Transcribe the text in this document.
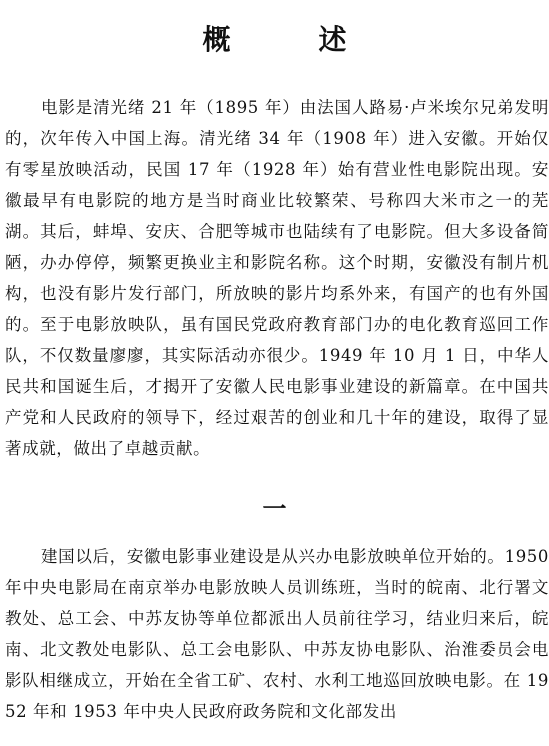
概　述

电影是清光绪 21 年（1895 年）由法国人路易·卢米埃尔兄弟发明的，次年传入中国上海。清光绪 34 年（1908 年）进入安徽。开始仅有零星放映活动，民国 17 年（1928 年）始有营业性电影院出现。安徽最早有电影院的地方是当时商业比较繁荣、号称四大米市之一的芜湖。其后，蚌埠、安庆、合肥等城市也陆续有了电影院。但大多设备简陋，办办停停，频繁更换业主和影院名称。这个时期，安徽没有制片机构，也没有影片发行部门，所放映的影片均系外来，有国产的也有外国的。至于电影放映队，虽有国民党政府教育部门办的电化教育巡回工作队，不仅数量廖廖，其实际活动亦很少。1949 年 10 月 1 日，中华人民共和国诞生后，才揭开了安徽人民电影事业建设的新篇章。在中国共产党和人民政府的领导下，经过艰苦的创业和几十年的建设，取得了显著成就，做出了卓越贡献。

一

建国以后，安徽电影事业建设是从兴办电影放映单位开始的。1950 年中央电影局在南京举办电影放映人员训练班，当时的皖南、北行署文教处、总工会、中苏友协等单位都派出人员前往学习，结业归来后，皖南、北文教处电影队、总工会电影队、中苏友协电影队、治淮委员会电影队相继成立，开始在全省工矿、农村、水利工地巡回放映电影。在 1952 年和 1953 年中央人民政府政务院和文化部发出
